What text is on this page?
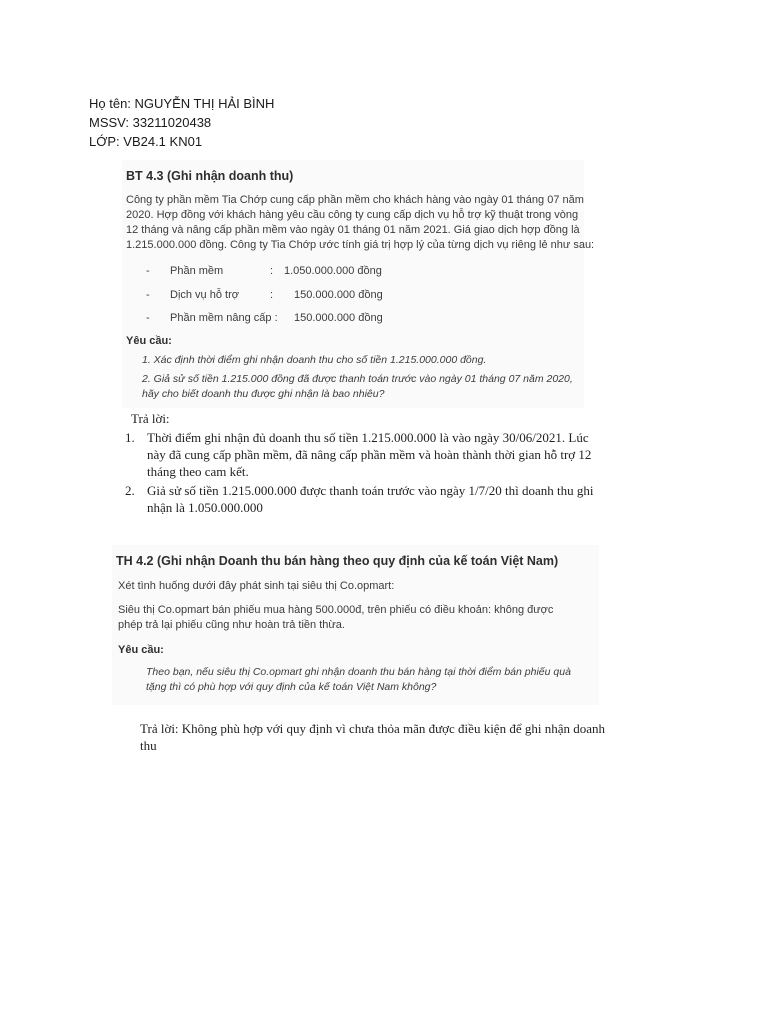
Họ tên: NGUYỄN THỊ HẢI BÌNH
MSSV: 33211020438
LỚP: VB24.1 KN01
BT 4.3 (Ghi nhận doanh thu)
Công ty phần mềm Tia Chớp cung cấp phần mềm cho khách hàng vào ngày 01 tháng 07 năm
2020. Hợp đồng với khách hàng yêu cầu công ty cung cấp dịch vụ hỗ trợ kỹ thuật trong vòng
12 tháng và nâng cấp phần mềm vào ngày 01 tháng 01 năm 2021. Giá giao dịch hợp đồng là
1.215.000.000 đồng. Công ty Tia Chớp ước tính giá trị hợp lý của từng dịch vụ riêng lẻ như sau:
- Phần mềm	: 1.050.000.000 đồng
- Dịch vụ hỗ trợ	: 150.000.000 đồng
- Phần mềm nâng cấp : 150.000.000 đồng
Yêu cầu:
1. Xác định thời điểm ghi nhận doanh thu cho số tiền 1.215.000.000 đồng.
2. Giả sử số tiền 1.215.000 đồng đã được thanh toán trước vào ngày 01 tháng 07 năm 2020,
hãy cho biết doanh thu được ghi nhận là bao nhiêu?
Trả lời:
1. Thời điểm ghi nhận đủ doanh thu số tiền 1.215.000.000 là vào ngày 30/06/2021. Lúc
này đã cung cấp phần mềm, đã nâng cấp phần mềm và hoàn thành thời gian hỗ trợ 12
tháng theo cam kết.
2. Giả sử số tiền 1.215.000.000 được thanh toán trước vào ngày 1/7/20 thì doanh thu ghi
nhận là 1.050.000.000
TH 4.2 (Ghi nhận Doanh thu bán hàng theo quy định của kế toán Việt Nam)
Xét tình huống dưới đây phát sinh tại siêu thị Co.opmart:
Siêu thị Co.opmart bán phiếu mua hàng 500.000đ, trên phiếu có điều khoản: không được
phép trả lại phiếu cũng như hoàn trả tiền thừa.
Yêu cầu:
Theo bạn, nếu siêu thị Co.opmart ghi nhận doanh thu bán hàng tại thời điểm bán phiếu quà
tặng thì có phù hợp với quy định của kế toán Việt Nam không?
Trả lời: Không phù hợp với quy định vì chưa thỏa mãn được điều kiện để ghi nhận doanh
thu
